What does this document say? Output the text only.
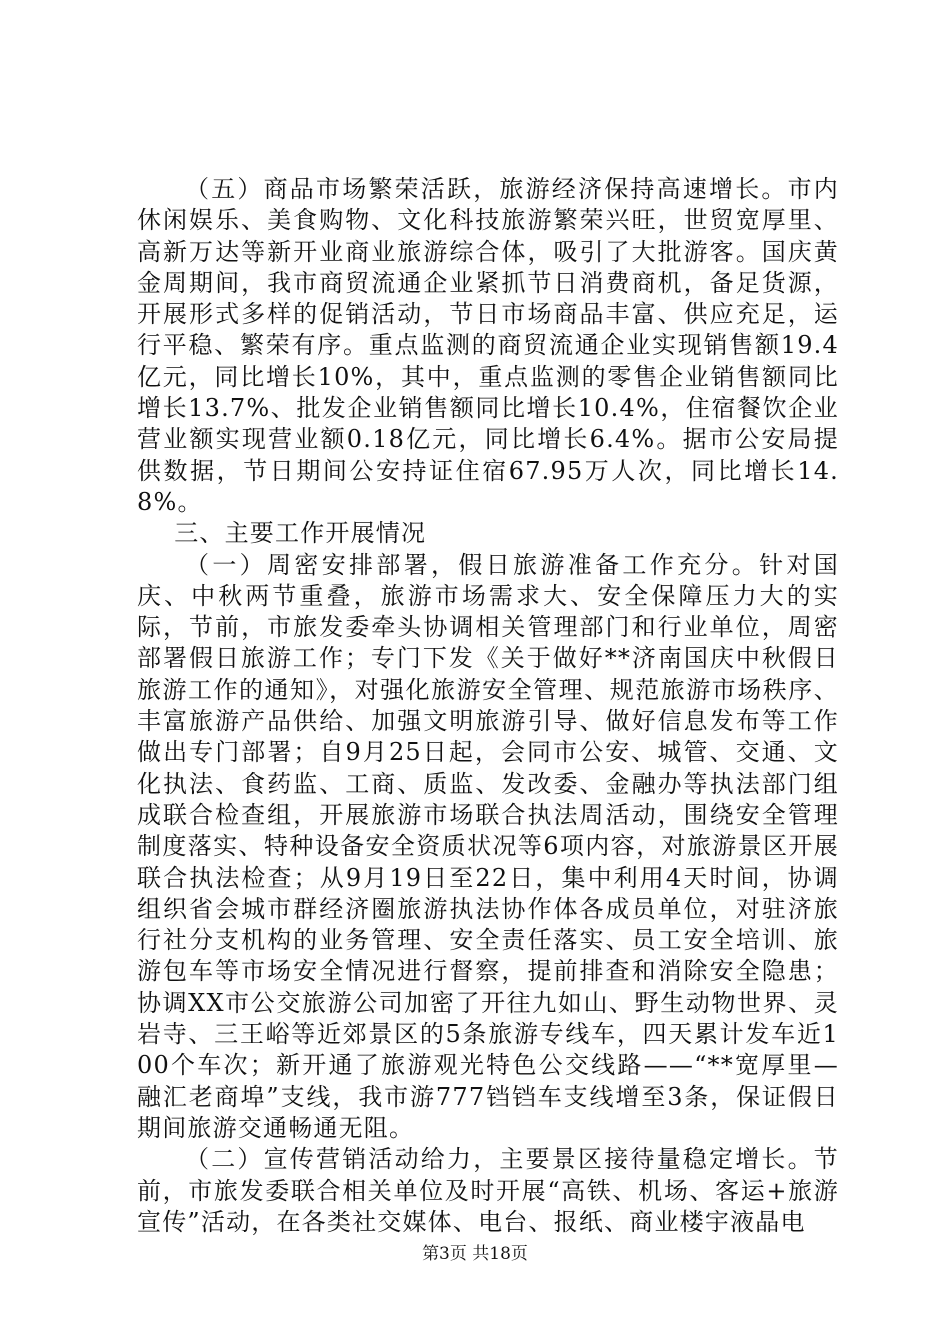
（五）商品市场繁荣活跃，旅游经济保持高速增长。市内休闲娱乐、美食购物、文化科技旅游繁荣兴旺，世贸宽厚里、高新万达等新开业商业旅游综合体，吸引了大批游客。国庆黄金周期间，我市商贸流通企业紧抓节日消费商机，备足货源，开展形式多样的促销活动，节日市场商品丰富、供应充足，运行平稳、繁荣有序。重点监测的商贸流通企业实现销售额19.4亿元，同比增长10%，其中，重点监测的零售企业销售额同比增长13.7%、批发企业销售额同比增长10.4%，住宿餐饮企业营业额实现营业额0.18亿元，同比增长6.4%。据市公安局提供数据，节日期间公安持证住宿67.95万人次，同比增长14.8%。

三、主要工作开展情况

（一）周密安排部署，假日旅游准备工作充分。针对国庆、中秋两节重叠，旅游市场需求大、安全保障压力大的实际，节前，市旅发委牵头协调相关管理部门和行业单位，周密部署假日旅游工作；专门下发《关于做好**济南国庆中秋假日旅游工作的通知》，对强化旅游安全管理、规范旅游市场秩序、丰富旅游产品供给、加强文明旅游引导、做好信息发布等工作做出专门部署；自9月25日起，会同市公安、城管、交通、文化执法、食药监、工商、质监、发改委、金融办等执法部门组成联合检查组，开展旅游市场联合执法周活动，围绕安全管理制度落实、特种设备安全资质状况等6项内容，对旅游景区开展联合执法检查；从9月19日至22日，集中利用4天时间，协调组织省会城市群经济圈旅游执法协作体各成员单位，对驻济旅行社分支机构的业务管理、安全责任落实、员工安全培训、旅游包车等市场安全情况进行督察，提前排查和消除安全隐患；协调XX市公交旅游公司加密了开往九如山、野生动物世界、灵岩寺、三王峪等近郊景区的5条旅游专线车，四天累计发车近100个车次；新开通了旅游观光特色公交线路——“**宽厚里—融汇老商埠”支线，我市游777铛铛车支线增至3条，保证假日期间旅游交通畅通无阻。

（二）宣传营销活动给力，主要景区接待量稳定增长。节前，市旅发委联合相关单位及时开展“高铁、机场、客运+旅游宣传”活动，在各类社交媒体、电台、报纸、商业楼宇液晶电

第3页 共18页
